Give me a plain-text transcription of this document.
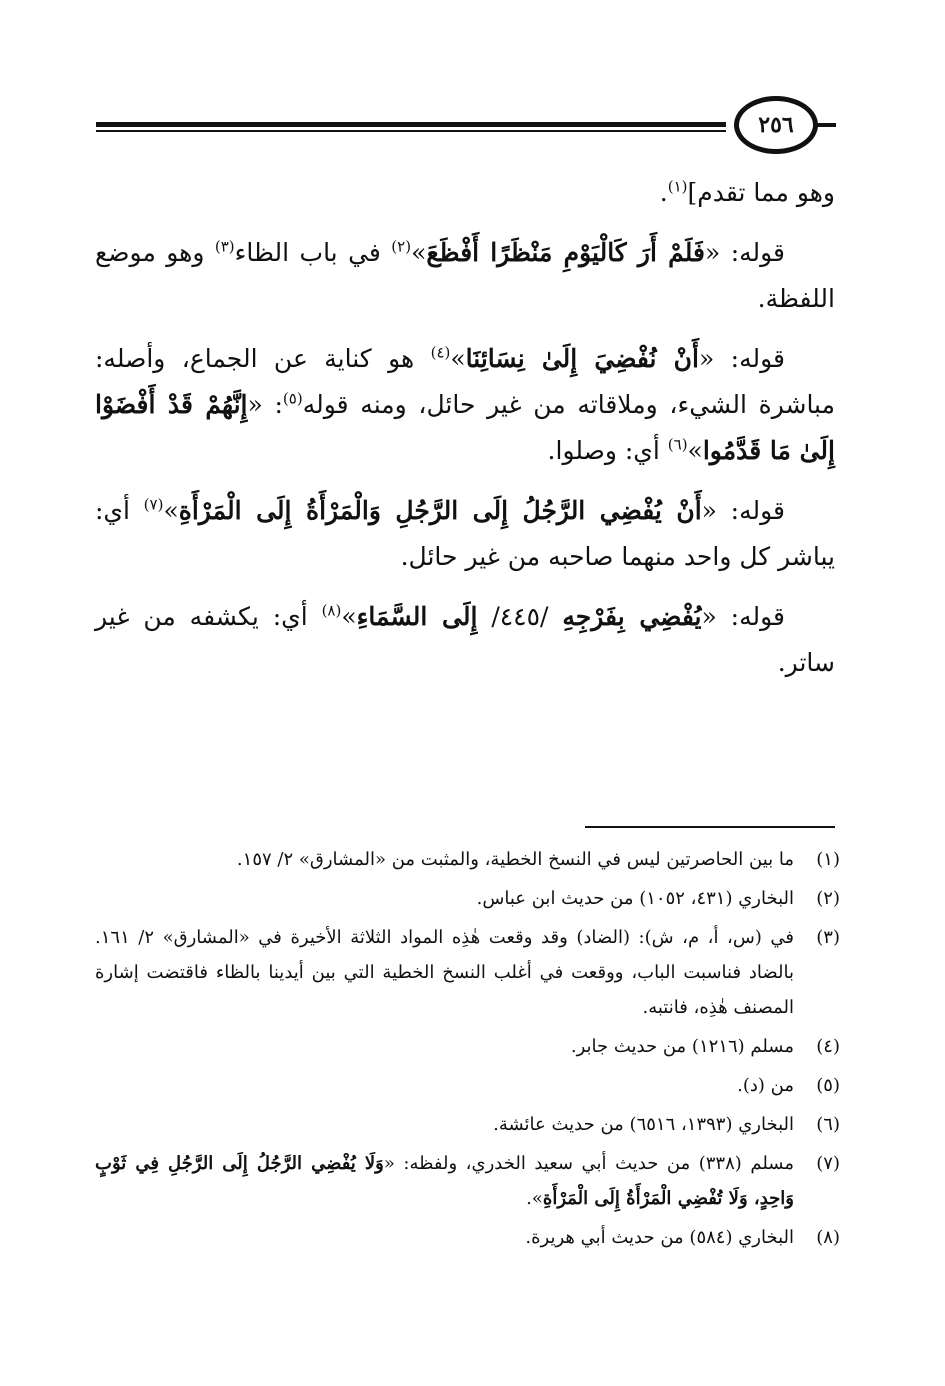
٢٥٦

وهو مما تقدم]$^{(١)}$.

قوله: «فَلَمْ أَرَ كَالْيَوْمِ مَنْظَرًا أَفْظَعَ»$^{(٢)}$ في باب الظاء$^{(٣)}$ وهو موضع اللفظة.

قوله: «أَنْ نُفْضِيَ إِلَىٰ نِسَائِنَا»$^{(٤)}$ هو كناية عن الجماع، وأصله: مباشرة الشيء، وملاقاته من غير حائل، ومنه قوله$^{(٥)}$: «إِنَّهُمْ قَدْ أَفْضَوْا إِلَىٰ مَا قَدَّمُوا»$^{(٦)}$ أي: وصلوا.

قوله: «أَنْ يُفْضِي الرَّجُلُ إِلَى الرَّجُلِ وَالْمَرْأَةُ إِلَى الْمَرْأَةِ»$^{(٧)}$ أي: يباشر كل واحد منهما صاحبه من غير حائل.

قوله: «يُفْضِي بِفَرْجِهِ /٤٤٥/ إِلَى السَّمَاءِ»$^{(٨)}$ أي: يكشفه من غير ساتر.

(١)
ما بين الحاصرتين ليس في النسخ الخطية، والمثبت من «المشارق» ٢/ ١٥٧.
(٢)
البخاري (٤٣١، ١٠٥٢) من حديث ابن عباس.
(٣)
في (س، أ، م، ش): (الضاد) وقد وقعت هٰذِه المواد الثلاثة الأخيرة في «المشارق» ٢/ ١٦١. بالضاد فناسبت الباب، ووقعت في أغلب النسخ الخطية التي بين أيدينا بالظاء فاقتضت إشارة المصنف هٰذِه، فانتبه.
(٤)
مسلم (١٢١٦) من حديث جابر.
(٥)
من (د).
(٦)
البخاري (١٣٩٣، ٦٥١٦) من حديث عائشة.
(٧)
مسلم (٣٣٨) من حديث أبي سعيد الخدري، ولفظه: «وَلَا يُفْضِي الرَّجُلُ إِلَى الرَّجُلِ فِي ثَوْبٍ وَاحِدٍ، وَلَا تُفْضِي الْمَرْأَةُ إِلَى الْمَرْأَةِ».
(٨)
البخاري (٥٨٤) من حديث أبي هريرة.
